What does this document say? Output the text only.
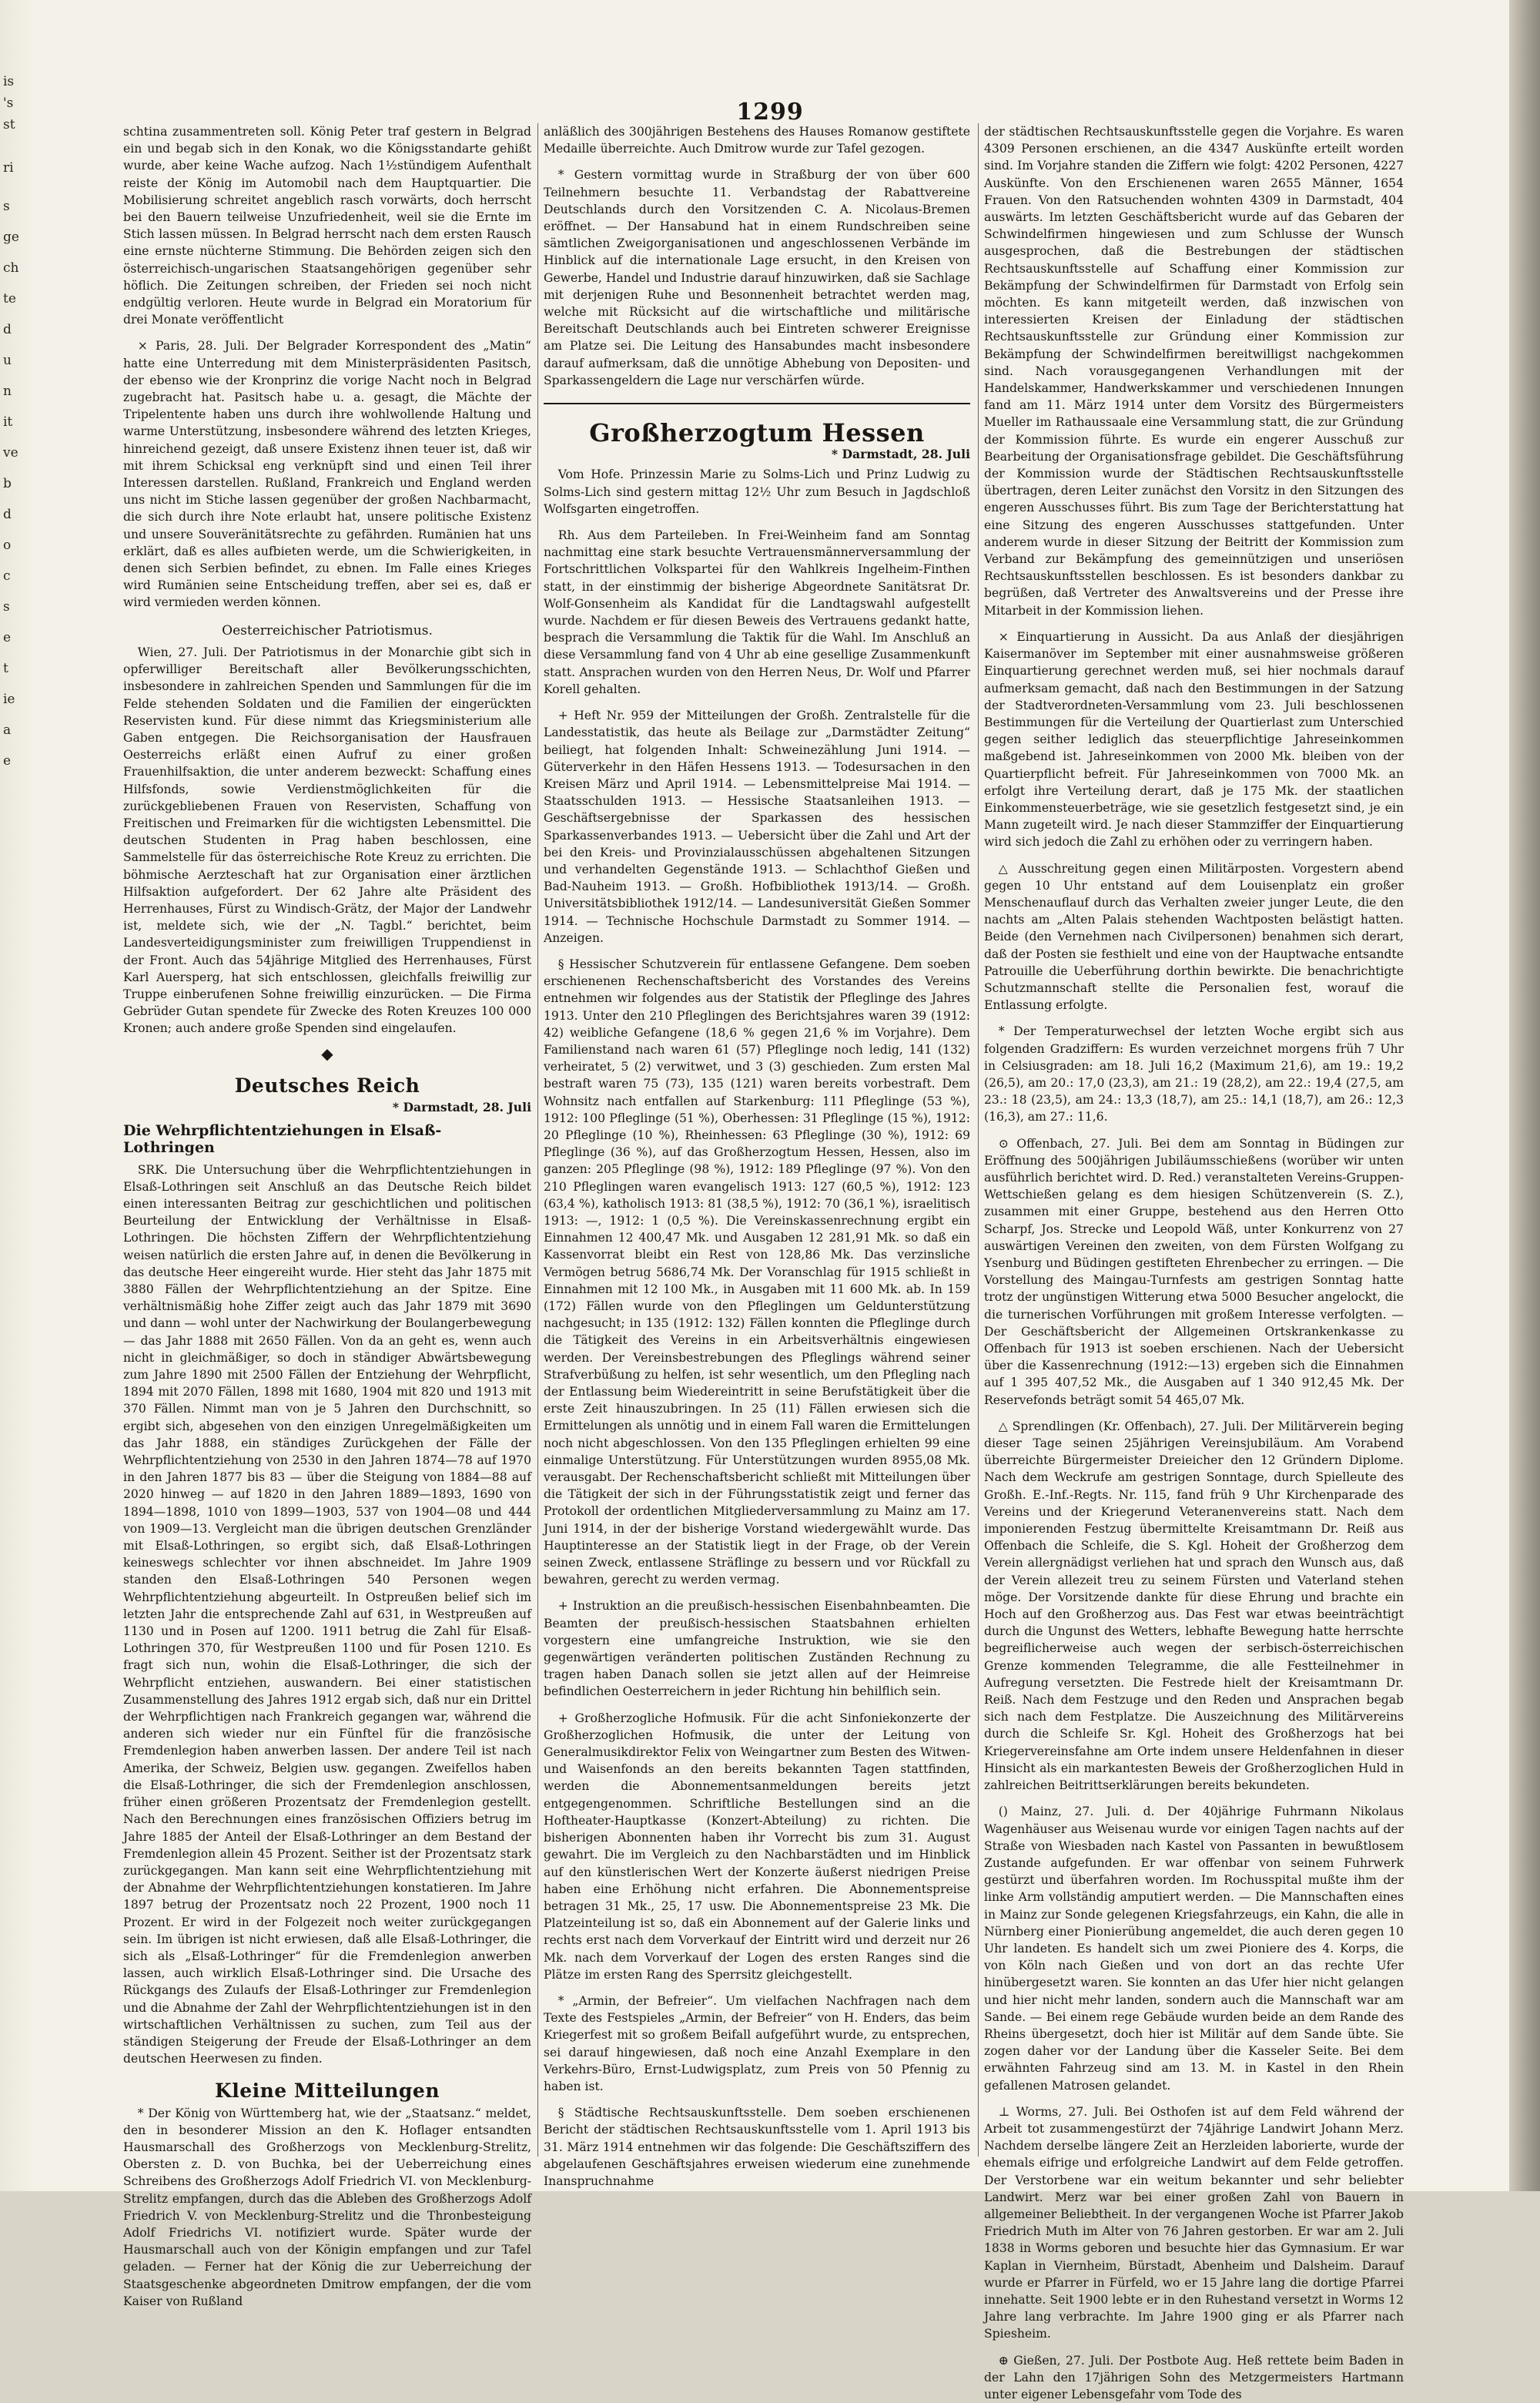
is
's
st
ri
s
ge
ch
te
d
u
n
it
ve
b
d
o
c
s
e
t
ie
a
e
1299

schtina zusammentreten soll. König Peter traf gestern in Belgrad ein und begab sich in den Konak, wo die Königsstandarte gehißt wurde, aber keine Wache aufzog. Nach 1½stündigem Aufenthalt reiste der König im Automobil nach dem Hauptquartier. Die Mobilisierung schreitet angeblich rasch vorwärts, doch herrscht bei den Bauern teilweise Unzufriedenheit, weil sie die Ernte im Stich lassen müssen. In Belgrad herrscht nach dem ersten Rausch eine ernste nüchterne Stimmung. Die Behörden zeigen sich den österreichisch-ungarischen Staatsangehörigen gegenüber sehr höflich. Die Zeitungen schreiben, der Frieden sei noch nicht endgültig verloren. Heute wurde in Belgrad ein Moratorium für drei Monate veröffentlicht

× Paris, 28. Juli. Der Belgrader Korrespondent des „Matin“ hatte eine Unterredung mit dem Ministerpräsidenten Pasitsch, der ebenso wie der Kronprinz die vorige Nacht noch in Belgrad zugebracht hat. Pasitsch habe u. a. gesagt, die Mächte der Tripelentente haben uns durch ihre wohlwollende Haltung und warme Unterstützung, insbesondere während des letzten Krieges, hinreichend gezeigt, daß unsere Existenz ihnen teuer ist, daß wir mit ihrem Schicksal eng verknüpft sind und einen Teil ihrer Interessen darstellen. Rußland, Frankreich und England werden uns nicht im Stiche lassen gegenüber der großen Nachbarmacht, die sich durch ihre Note erlaubt hat, unsere politische Existenz und unsere Souveränitätsrechte zu gefährden. Rumänien hat uns erklärt, daß es alles aufbieten werde, um die Schwierigkeiten, in denen sich Serbien befindet, zu ebnen. Im Falle eines Krieges wird Rumänien seine Entscheidung treffen, aber sei es, daß er wird vermieden werden können.

Oesterreichischer Patriotismus.

Wien, 27. Juli. Der Patriotismus in der Monarchie gibt sich in opferwilliger Bereitschaft aller Bevölkerungsschichten, insbesondere in zahlreichen Spenden und Sammlungen für die im Felde stehenden Soldaten und die Familien der eingerückten Reservisten kund. Für diese nimmt das Kriegsministerium alle Gaben entgegen. Die Reichsorganisation der Hausfrauen Oesterreichs erläßt einen Aufruf zu einer großen Frauenhilfsaktion, die unter anderem bezweckt: Schaffung eines Hilfsfonds, sowie Verdienstmöglichkeiten für die zurückgebliebenen Frauen von Reservisten, Schaffung von Freitischen und Freimarken für die wichtigsten Lebensmittel. Die deutschen Studenten in Prag haben beschlossen, eine Sammelstelle für das österreichische Rote Kreuz zu errichten. Die böhmische Aerzteschaft hat zur Organisation einer ärztlichen Hilfsaktion aufgefordert. Der 62 Jahre alte Präsident des Herrenhauses, Fürst zu Windisch-Grätz, der Major der Landwehr ist, meldete sich, wie der „N. Tagbl.“ berichtet, beim Landesverteidigungsminister zum freiwilligen Truppendienst in der Front. Auch das 54jährige Mitglied des Herrenhauses, Fürst Karl Auersperg, hat sich entschlossen, gleichfalls freiwillig zur Truppe einberufenen Sohne freiwillig einzurücken. — Die Firma Gebrüder Gutan spendete für Zwecke des Roten Kreuzes 100 000 Kronen; auch andere große Spenden sind eingelaufen.

◆
Deutsches Reich
* Darmstadt, 28. Juli
Die Wehrpflichtentziehungen in Elsaß-Lothringen

SRK. Die Untersuchung über die Wehrpflichtentziehungen in Elsaß-Lothringen seit Anschluß an das Deutsche Reich bildet einen interessanten Beitrag zur geschichtlichen und politischen Beurteilung der Entwicklung der Verhältnisse in Elsaß-Lothringen. Die höchsten Ziffern der Wehrpflichtentziehung weisen natürlich die ersten Jahre auf, in denen die Bevölkerung in das deutsche Heer eingereiht wurde. Hier steht das Jahr 1875 mit 3880 Fällen der Wehrpflichtentziehung an der Spitze. Eine verhältnismäßig hohe Ziffer zeigt auch das Jahr 1879 mit 3690 und dann — wohl unter der Nachwirkung der Boulangerbewegung — das Jahr 1888 mit 2650 Fällen. Von da an geht es, wenn auch nicht in gleichmäßiger, so doch in ständiger Abwärtsbewegung zum Jahre 1890 mit 2500 Fällen der Entziehung der Wehrpflicht, 1894 mit 2070 Fällen, 1898 mit 1680, 1904 mit 820 und 1913 mit 370 Fällen. Nimmt man von je 5 Jahren den Durchschnitt, so ergibt sich, abgesehen von den einzigen Unregelmäßigkeiten um das Jahr 1888, ein ständiges Zurückgehen der Fälle der Wehrpflichtentziehung von 2530 in den Jahren 1874—78 auf 1970 in den Jahren 1877 bis 83 — über die Steigung von 1884—88 auf 2020 hinweg — auf 1820 in den Jahren 1889—1893, 1690 von 1894—1898, 1010 von 1899—1903, 537 von 1904—08 und 444 von 1909—13. Vergleicht man die übrigen deutschen Grenzländer mit Elsaß-Lothringen, so ergibt sich, daß Elsaß-Lothringen keineswegs schlechter vor ihnen abschneidet. Im Jahre 1909 standen den Elsaß-Lothringen 540 Personen wegen Wehrpflichtentziehung abgeurteilt. In Ostpreußen belief sich im letzten Jahr die entsprechende Zahl auf 631, in Westpreußen auf 1130 und in Posen auf 1200. 1911 betrug die Zahl für Elsaß-Lothringen 370, für Westpreußen 1100 und für Posen 1210. Es fragt sich nun, wohin die Elsaß-Lothringer, die sich der Wehrpflicht entziehen, auswandern. Bei einer statistischen Zusammenstellung des Jahres 1912 ergab sich, daß nur ein Drittel der Wehrpflichtigen nach Frankreich gegangen war, während die anderen sich wieder nur ein Fünftel für die französische Fremdenlegion haben anwerben lassen. Der andere Teil ist nach Amerika, der Schweiz, Belgien usw. gegangen. Zweifellos haben die Elsaß-Lothringer, die sich der Fremdenlegion anschlossen, früher einen größeren Prozentsatz der Fremdenlegion gestellt. Nach den Berechnungen eines französischen Offiziers betrug im Jahre 1885 der Anteil der Elsaß-Lothringer an dem Bestand der Fremdenlegion allein 45 Prozent. Seither ist der Prozentsatz stark zurückgegangen. Man kann seit eine Wehrpflichtentziehung mit der Abnahme der Wehrpflichtentziehungen konstatieren. Im Jahre 1897 betrug der Prozentsatz noch 22 Prozent, 1900 noch 11 Prozent. Er wird in der Folgezeit noch weiter zurückgegangen sein. Im übrigen ist nicht erwiesen, daß alle Elsaß-Lothringer, die sich als „Elsaß-Lothringer“ für die Fremdenlegion anwerben lassen, auch wirklich Elsaß-Lothringer sind. Die Ursache des Rückgangs des Zulaufs der Elsaß-Lothringer zur Fremdenlegion und die Abnahme der Zahl der Wehrpflichtentziehungen ist in den wirtschaftlichen Verhältnissen zu suchen, zum Teil aus der ständigen Steigerung der Freude der Elsaß-Lothringer an dem deutschen Heerwesen zu finden.

Kleine Mitteilungen

* Der König von Württemberg hat, wie der „Staatsanz.“ meldet, den in besonderer Mission an den K. Hoflager entsandten Hausmarschall des Großherzogs von Mecklenburg-Strelitz, Obersten z. D. von Buchka, bei der Ueberreichung eines Schreibens des Großherzogs Adolf Friedrich VI. von Mecklenburg-Strelitz empfangen, durch das die Ableben des Großherzogs Adolf Friedrich V. von Mecklenburg-Strelitz und die Thronbesteigung Adolf Friedrichs VI. notifiziert wurde. Später wurde der Hausmarschall auch von der Königin empfangen und zur Tafel geladen. — Ferner hat der König die zur Ueberreichung der Staatsgeschenke abgeordneten Dmitrow empfangen, der die vom Kaiser von Rußland

anläßlich des 300jährigen Bestehens des Hauses Romanow gestiftete Medaille überreichte. Auch Dmitrow wurde zur Tafel gezogen.

* Gestern vormittag wurde in Straßburg der von über 600 Teilnehmern besuchte 11. Verbandstag der Rabattvereine Deutschlands durch den Vorsitzenden C. A. Nicolaus-Bremen eröffnet. — Der Hansabund hat in einem Rundschreiben seine sämtlichen Zweigorganisationen und angeschlossenen Verbände im Hinblick auf die internationale Lage ersucht, in den Kreisen von Gewerbe, Handel und Industrie darauf hinzuwirken, daß sie Sachlage mit derjenigen Ruhe und Besonnenheit betrachtet werden mag, welche mit Rücksicht auf die wirtschaftliche und militärische Bereitschaft Deutschlands auch bei Eintreten schwerer Ereignisse am Platze sei. Die Leitung des Hansabundes macht insbesondere darauf aufmerksam, daß die unnötige Abhebung von Depositen- und Sparkassengeldern die Lage nur verschärfen würde.

Großherzogtum Hessen
* Darmstadt, 28. Juli

Vom Hofe. Prinzessin Marie zu Solms-Lich und Prinz Ludwig zu Solms-Lich sind gestern mittag 12½ Uhr zum Besuch in Jagdschloß Wolfsgarten eingetroffen.

Rh. Aus dem Parteileben. In Frei-Weinheim fand am Sonntag nachmittag eine stark besuchte Vertrauensmännerversammlung der Fortschrittlichen Volkspartei für den Wahlkreis Ingelheim-Finthen statt, in der einstimmig der bisherige Abgeordnete Sanitätsrat Dr. Wolf-Gonsenheim als Kandidat für die Landtagswahl aufgestellt wurde. Nachdem er für diesen Beweis des Vertrauens gedankt hatte, besprach die Versammlung die Taktik für die Wahl. Im Anschluß an diese Versammlung fand von 4 Uhr ab eine gesellige Zusammenkunft statt. Ansprachen wurden von den Herren Neus, Dr. Wolf und Pfarrer Korell gehalten.

+ Heft Nr. 959 der Mitteilungen der Großh. Zentralstelle für die Landesstatistik, das heute als Beilage zur „Darmstädter Zeitung“ beiliegt, hat folgenden Inhalt: Schweinezählung Juni 1914. —Güterverkehr in den Häfen Hessens 1913. — Todesursachen in den Kreisen März und April 1914. — Lebensmittelpreise Mai 1914. — Staatsschulden 1913. — Hessische Staatsanleihen 1913. — Geschäftsergebnisse der Sparkassen des hessischen Sparkassenverbandes 1913. — Uebersicht über die Zahl und Art der bei den Kreis- und Provinzialausschüssen abgehaltenen Sitzungen und verhandelten Gegenstände 1913. — Schlachthof Gießen und Bad-Nauheim 1913. — Großh. Hofbibliothek 1913/14. — Großh. Universitätsbibliothek 1912/14. — Landesuniversität Gießen Sommer 1914. — Technische Hochschule Darmstadt zu Sommer 1914. — Anzeigen.

§ Hessischer Schutzverein für entlassene Gefangene. Dem soeben erschienenen Rechenschaftsbericht des Vorstandes des Vereins entnehmen wir folgendes aus der Statistik der Pfleglinge des Jahres 1913. Unter den 210 Pfleglingen des Berichtsjahres waren 39 (1912: 42) weibliche Gefangene (18,6 % gegen 21,6 % im Vorjahre). Dem Familienstand nach waren 61 (57) Pfleglinge noch ledig, 141 (132) verheiratet, 5 (2) verwitwet, und 3 (3) geschieden. Zum ersten Mal bestraft waren 75 (73), 135 (121) waren bereits vorbestraft. Dem Wohnsitz nach entfallen auf Starkenburg: 111 Pfleglinge (53 %), 1912: 100 Pfleglinge (51 %), Oberhessen: 31 Pfleglinge (15 %), 1912: 20 Pfleglinge (10 %), Rheinhessen: 63 Pfleglinge (30 %), 1912: 69 Pfleglinge (36 %), auf das Großherzogtum Hessen, Hessen, also im ganzen: 205 Pfleglinge (98 %), 1912: 189 Pfleglinge (97 %). Von den 210 Pfleglingen waren evangelisch 1913: 127 (60,5 %), 1912: 123 (63,4 %), katholisch 1913: 81 (38,5 %), 1912: 70 (36,1 %), israelitisch 1913: —, 1912: 1 (0,5 %). Die Vereinskassenrechnung ergibt ein Einnahmen 12 400,47 Mk. und Ausgaben 12 281,91 Mk. so daß ein Kassenvorrat bleibt ein Rest von 128,86 Mk. Das verzinsliche Vermögen betrug 5686,74 Mk. Der Voranschlag für 1915 schließt in Einnahmen mit 12 100 Mk., in Ausgaben mit 11 600 Mk. ab. In 159 (172) Fällen wurde von den Pfleglingen um Geldunterstützung nachgesucht; in 135 (1912: 132) Fällen konnten die Pfleglinge durch die Tätigkeit des Vereins in ein Arbeitsverhältnis eingewiesen werden. Der Vereinsbestrebungen des Pfleglings während seiner Strafverbüßung zu helfen, ist sehr wesentlich, um den Pflegling nach der Entlassung beim Wiedereintritt in seine Berufstätigkeit über die erste Zeit hinauszubringen. In 25 (11) Fällen erwiesen sich die Ermittelungen als unnötig und in einem Fall waren die Ermittelungen noch nicht abgeschlossen. Von den 135 Pfleglingen erhielten 99 eine einmalige Unterstützung. Für Unterstützungen wurden 8955,08 Mk. verausgabt. Der Rechenschaftsbericht schließt mit Mitteilungen über die Tätigkeit der sich in der Führungsstatistik zeigt und ferner das Protokoll der ordentlichen Mitgliederversammlung zu Mainz am 17. Juni 1914, in der der bisherige Vorstand wiedergewählt wurde. Das Hauptinteresse an der Statistik liegt in der Frage, ob der Verein seinen Zweck, entlassene Sträflinge zu bessern und vor Rückfall zu bewahren, gerecht zu werden vermag.

+ Instruktion an die preußisch-hessischen Eisenbahnbeamten. Die Beamten der preußisch-hessischen Staatsbahnen erhielten vorgestern eine umfangreiche Instruktion, wie sie den gegenwärtigen veränderten politischen Zuständen Rechnung zu tragen haben Danach sollen sie jetzt allen auf der Heimreise befindlichen Oesterreichern in jeder Richtung hin behilflich sein.

+ Großherzogliche Hofmusik. Für die acht Sinfoniekonzerte der Großherzoglichen Hofmusik, die unter der Leitung von Generalmusikdirektor Felix von Weingartner zum Besten des Witwen- und Waisenfonds an den bereits bekannten Tagen stattfinden, werden die Abonnementsanmeldungen bereits jetzt entgegengenommen. Schriftliche Bestellungen sind an die Hoftheater-Hauptkasse (Konzert-Abteilung) zu richten. Die bisherigen Abonnenten haben ihr Vorrecht bis zum 31. August gewahrt. Die im Vergleich zu den Nachbarstädten und im Hinblick auf den künstlerischen Wert der Konzerte äußerst niedrigen Preise haben eine Erhöhung nicht erfahren. Die Abonnementspreise betragen 31 Mk., 25, 17 usw. Die Abonnementspreise 23 Mk. Die Platzeinteilung ist so, daß ein Abonnement auf der Galerie links und rechts erst nach dem Vorverkauf der Eintritt wird und derzeit nur 26 Mk. nach dem Vorverkauf der Logen des ersten Ranges sind die Plätze im ersten Rang des Sperrsitz gleichgestellt.

* „Armin, der Befreier“. Um vielfachen Nachfragen nach dem Texte des Festspieles „Armin, der Befreier“ von H. Enders, das beim Kriegerfest mit so großem Beifall aufgeführt wurde, zu entsprechen, sei darauf hingewiesen, daß noch eine Anzahl Exemplare in den Verkehrs-Büro, Ernst-Ludwigsplatz, zum Preis von 50 Pfennig zu haben ist.

§ Städtische Rechtsauskunftsstelle. Dem soeben erschienenen Bericht der städtischen Rechtsauskunftsstelle vom 1. April 1913 bis 31. März 1914 entnehmen wir das folgende: Die Geschäftsziffern des abgelaufenen Geschäftsjahres erweisen wiederum eine zunehmende Inanspruchnahme

der städtischen Rechtsauskunftsstelle gegen die Vorjahre. Es waren 4309 Personen erschienen, an die 4347 Auskünfte erteilt worden sind. Im Vorjahre standen die Ziffern wie folgt: 4202 Personen, 4227 Auskünfte. Von den Erschienenen waren 2655 Männer, 1654 Frauen. Von den Ratsuchenden wohnten 4309 in Darmstadt, 404 auswärts. Im letzten Geschäftsbericht wurde auf das Gebaren der Schwindelfirmen hingewiesen und zum Schlusse der Wunsch ausgesprochen, daß die Bestrebungen der städtischen Rechtsauskunftsstelle auf Schaffung einer Kommission zur Bekämpfung der Schwindelfirmen für Darmstadt von Erfolg sein möchten. Es kann mitgeteilt werden, daß inzwischen von interessierten Kreisen der Einladung der städtischen Rechtsauskunftsstelle zur Gründung einer Kommission zur Bekämpfung der Schwindelfirmen bereitwilligst nachgekommen sind. Nach vorausgegangenen Verhandlungen mit der Handelskammer, Handwerkskammer und verschiedenen Innungen fand am 11. März 1914 unter dem Vorsitz des Bürgermeisters Mueller im Rathaussaale eine Versammlung statt, die zur Gründung der Kommission führte. Es wurde ein engerer Ausschuß zur Bearbeitung der Organisationsfrage gebildet. Die Geschäftsführung der Kommission wurde der Städtischen Rechtsauskunftsstelle übertragen, deren Leiter zunächst den Vorsitz in den Sitzungen des engeren Ausschusses führt. Bis zum Tage der Berichterstattung hat eine Sitzung des engeren Ausschusses stattgefunden. Unter anderem wurde in dieser Sitzung der Beitritt der Kommission zum Verband zur Bekämpfung des gemeinnützigen und unseriösen Rechtsauskunftsstellen beschlossen. Es ist besonders dankbar zu begrüßen, daß Vertreter des Anwaltsvereins und der Presse ihre Mitarbeit in der Kommission liehen.

× Einquartierung in Aussicht. Da aus Anlaß der diesjährigen Kaisermanöver im September mit einer ausnahmsweise größeren Einquartierung gerechnet werden muß, sei hier nochmals darauf aufmerksam gemacht, daß nach den Bestimmungen in der Satzung der Stadtverordneten-Versammlung vom 23. Juli beschlossenen Bestimmungen für die Verteilung der Quartierlast zum Unterschied gegen seither lediglich das steuerpflichtige Jahreseinkommen maßgebend ist. Jahreseinkommen von 2000 Mk. bleiben von der Quartierpflicht befreit. Für Jahreseinkommen von 7000 Mk. an erfolgt ihre Verteilung derart, daß je 175 Mk. der staatlichen Einkommensteuerbeträge, wie sie gesetzlich festgesetzt sind, je ein Mann zugeteilt wird. Je nach dieser Stammziffer der Einquartierung wird sich jedoch die Zahl zu erhöhen oder zu verringern haben.

△ Ausschreitung gegen einen Militärposten. Vorgestern abend gegen 10 Uhr entstand auf dem Louisenplatz ein großer Menschenauflauf durch das Verhalten zweier junger Leute, die den nachts am „Alten Palais stehenden Wachtposten belästigt hatten. Beide (den Vernehmen nach Civilpersonen) benahmen sich derart, daß der Posten sie festhielt und eine von der Hauptwache entsandte Patrouille die Ueberführung dorthin bewirkte. Die benachrichtigte Schutzmannschaft stellte die Personalien fest, worauf die Entlassung erfolgte.

* Der Temperaturwechsel der letzten Woche ergibt sich aus folgenden Gradziffern: Es wurden verzeichnet morgens früh 7 Uhr in Celsiusgraden: am 18. Juli 16,2 (Maximum 21,6), am 19.: 19,2 (26,5), am 20.: 17,0 (23,3), am 21.: 19 (28,2), am 22.: 19,4 (27,5, am 23.: 18 (23,5), am 24.: 13,3 (18,7), am 25.: 14,1 (18,7), am 26.: 12,3 (16,3), am 27.: 11,6.

⊙ Offenbach, 27. Juli. Bei dem am Sonntag in Büdingen zur Eröffnung des 500jährigen Jubiläumsschießens (worüber wir unten ausführlich berichtet wird. D. Red.) veranstalteten Vereins-Gruppen-Wettschießen gelang es dem hiesigen Schützenverein (S. Z.), zusammen mit einer Gruppe, bestehend aus den Herren Otto Scharpf, Jos. Strecke und Leopold Wäß, unter Konkurrenz von 27 auswärtigen Vereinen den zweiten, von dem Fürsten Wolfgang zu Ysenburg und Büdingen gestifteten Ehrenbecher zu erringen. — Die Vorstellung des Maingau-Turnfests am gestrigen Sonntag hatte trotz der ungünstigen Witterung etwa 5000 Besucher angelockt, die die turnerischen Vorführungen mit großem Interesse verfolgten. — Der Geschäftsbericht der Allgemeinen Ortskrankenkasse zu Offenbach für 1913 ist soeben erschienen. Nach der Uebersicht über die Kassenrechnung (1912:—13) ergeben sich die Einnahmen auf 1 395 407,52 Mk., die Ausgaben auf 1 340 912,45 Mk. Der Reservefonds beträgt somit 54 465,07 Mk.

△ Sprendlingen (Kr. Offenbach), 27. Juli. Der Militärverein beging dieser Tage seinen 25jährigen Vereinsjubiläum. Am Vorabend überreichte Bürgermeister Dreieicher den 12 Gründern Diplome. Nach dem Weckrufe am gestrigen Sonntage, durch Spielleute des Großh. E.-Inf.-Regts. Nr. 115, fand früh 9 Uhr Kirchenparade des Vereins und der Kriegerund Veteranenvereins statt. Nach dem imponierenden Festzug übermittelte Kreisamtmann Dr. Reiß aus Offenbach die Schleife, die S. Kgl. Hoheit der Großherzog dem Verein allergnädigst verliehen hat und sprach den Wunsch aus, daß der Verein allezeit treu zu seinem Fürsten und Vaterland stehen möge. Der Vorsitzende dankte für diese Ehrung und brachte ein Hoch auf den Großherzog aus. Das Fest war etwas beeinträchtigt durch die Ungunst des Wetters, lebhafte Bewegung hatte herrschte begreiflicherweise auch wegen der serbisch-österreichischen Grenze kommenden Telegramme, die alle Festteilnehmer in Aufregung versetzten. Die Festrede hielt der Kreisamtmann Dr. Reiß. Nach dem Festzuge und den Reden und Ansprachen begab sich nach dem Festplatze. Die Auszeichnung des Militärvereins durch die Schleife Sr. Kgl. Hoheit des Großherzogs hat bei Kriegervereinsfahne am Orte indem unsere Heldenfahnen in dieser Hinsicht als ein markantesten Beweis der Großherzoglichen Huld in zahlreichen Beitrittserklärungen bereits bekundeten.

() Mainz, 27. Juli. d. Der 40jährige Fuhrmann Nikolaus Wagenhäuser aus Weisenau wurde vor einigen Tagen nachts auf der Straße von Wiesbaden nach Kastel von Passanten in bewußtlosem Zustande aufgefunden. Er war offenbar von seinem Fuhrwerk gestürzt und überfahren worden. Im Rochusspital mußte ihm der linke Arm vollständig amputiert werden. — Die Mannschaften eines in Mainz zur Sonde gelegenen Kriegsfahrzeugs, ein Kahn, die alle in Nürnberg einer Pionierübung angemeldet, die auch deren gegen 10 Uhr landeten. Es handelt sich um zwei Pioniere des 4. Korps, die von Köln nach Gießen und von dort an das rechte Ufer hinübergesetzt waren. Sie konnten an das Ufer hier nicht gelangen und hier nicht mehr landen, sondern auch die Mannschaft war am Sande. — Bei einem rege Gebäude wurden beide an dem Rande des Rheins übergesetzt, doch hier ist Militär auf dem Sande übte. Sie zogen daher vor der Landung über die Kasseler Seite. Bei dem erwähnten Fahrzeug sind am 13. M. in Kastel in den Rhein gefallenen Matrosen gelandet.

⊥ Worms, 27. Juli. Bei Osthofen ist auf dem Feld während der Arbeit tot zusammengestürzt der 74jährige Landwirt Johann Merz. Nachdem derselbe längere Zeit an Herzleiden laborierte, wurde der ehemals eifrige und erfolgreiche Landwirt auf dem Felde getroffen. Der Verstorbene war ein weitum bekannter und sehr beliebter Landwirt. Merz war bei einer großen Zahl von Bauern in allgemeiner Beliebtheit. In der vergangenen Woche ist Pfarrer Jakob Friedrich Muth im Alter von 76 Jahren gestorben. Er war am 2. Juli 1838 in Worms geboren und besuchte hier das Gymnasium. Er war Kaplan in Viernheim, Bürstadt, Abenheim und Dalsheim. Darauf wurde er Pfarrer in Fürfeld, wo er 15 Jahre lang die dortige Pfarrei innehatte. Seit 1900 lebte er in den Ruhestand versetzt in Worms 12 Jahre lang verbrachte. Im Jahre 1900 ging er als Pfarrer nach Spiesheim.

⊕ Gießen, 27. Juli. Der Postbote Aug. Heß rettete beim Baden in der Lahn den 17jährigen Sohn des Metzgermeisters Hartmann unter eigener Lebensgefahr vom Tode des
